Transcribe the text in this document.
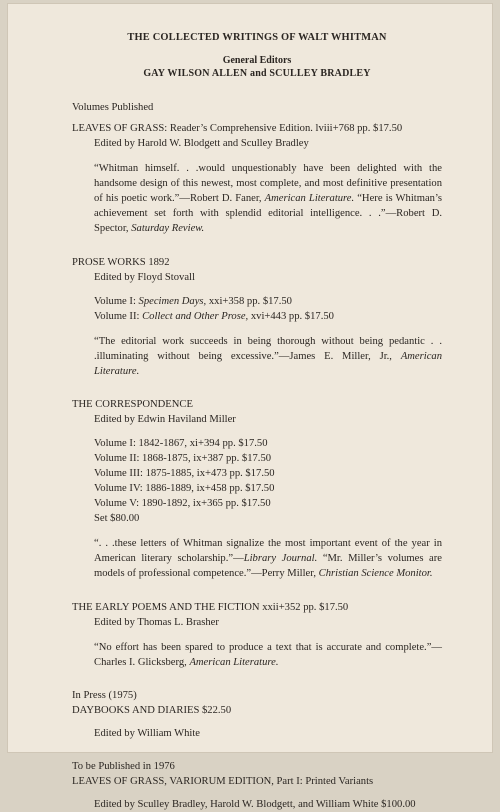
THE COLLECTED WRITINGS OF WALT WHITMAN
General Editors
GAY WILSON ALLEN and SCULLEY BRADLEY
Volumes Published
LEAVES OF GRASS: Reader’s Comprehensive Edition. lviii+768 pp. $17.50
Edited by Harold W. Blodgett and Sculley Bradley
“Whitman himself. . .would unquestionably have been delighted with the handsome design of this newest, most complete, and most definitive presentation of his poetic work.”—Robert D. Faner, American Literature. “Here is Whitman’s achievement set forth with splendid editorial intelligence. . .”—Robert D. Spector, Saturday Review.
PROSE WORKS 1892
Edited by Floyd Stovall
Volume I: Specimen Days, xxi+358 pp. $17.50
Volume II: Collect and Other Prose, xvi+443 pp. $17.50
“The editorial work succeeds in being thorough without being pedantic . . .illuminating without being excessive.”—James E. Miller, Jr., American Literature.
THE CORRESPONDENCE
Edited by Edwin Haviland Miller
Volume I: 1842-1867, xi+394 pp. $17.50
Volume II: 1868-1875, ix+387 pp. $17.50
Volume III: 1875-1885, ix+473 pp. $17.50
Volume IV: 1886-1889, ix+458 pp. $17.50
Volume V: 1890-1892, ix+365 pp. $17.50
Set $80.00
“. . .these letters of Whitman signalize the most important event of the year in American literary scholarship.”—Library Journal. “Mr. Miller’s volumes are models of professional competence.”—Perry Miller, Christian Science Monitor.
THE EARLY POEMS AND THE FICTION xxii+352 pp. $17.50
Edited by Thomas L. Brasher
“No effort has been spared to produce a text that is accurate and complete.”—Charles I. Glicksberg, American Literature.
In Press (1975)
DAYBOOKS AND DIARIES $22.50
Edited by William White
To be Published in 1976
LEAVES OF GRASS, VARIORUM EDITION, Part I: Printed Variants
Edited by Sculley Bradley, Harold W. Blodgett, and William White $100.00
